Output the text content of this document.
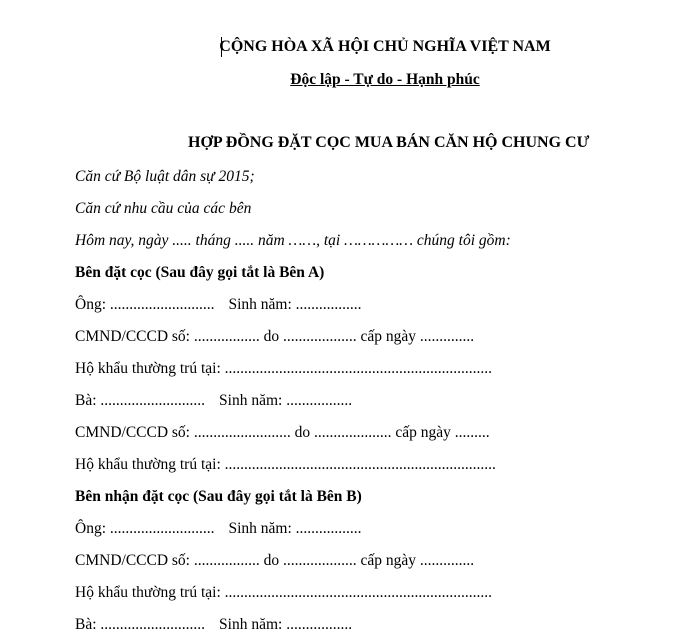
CỘNG HÒA XÃ HỘI CHỦ NGHĨA VIỆT NAM
Độc lập - Tự do - Hạnh phúc
HỢP ĐỒNG ĐẶT CỌC MUA BÁN CĂN HỘ CHUNG CƯ
Căn cứ Bộ luật dân sự 2015;
Căn cứ nhu cầu của các bên
Hôm nay, ngày ..... tháng ..... năm ……, tại …………… chúng tôi gồm:
Bên đặt cọc (Sau đây gọi tắt là Bên A)
Ông: ........................... Sinh năm: .................
CMND/CCCD số: ................. do ................... cấp ngày ..............
Hộ khẩu thường trú tại: .....................................................................
Bà: ........................... Sinh năm: .................
CMND/CCCD số: ......................... do .................... cấp ngày .........
Hộ khẩu thường trú tại: ......................................................................
Bên nhận đặt cọc (Sau đây gọi tắt là Bên B)
Ông: ........................... Sinh năm: .................
CMND/CCCD số: ................. do ................... cấp ngày ..............
Hộ khẩu thường trú tại: .....................................................................
Bà: ........................... Sinh năm: .................
